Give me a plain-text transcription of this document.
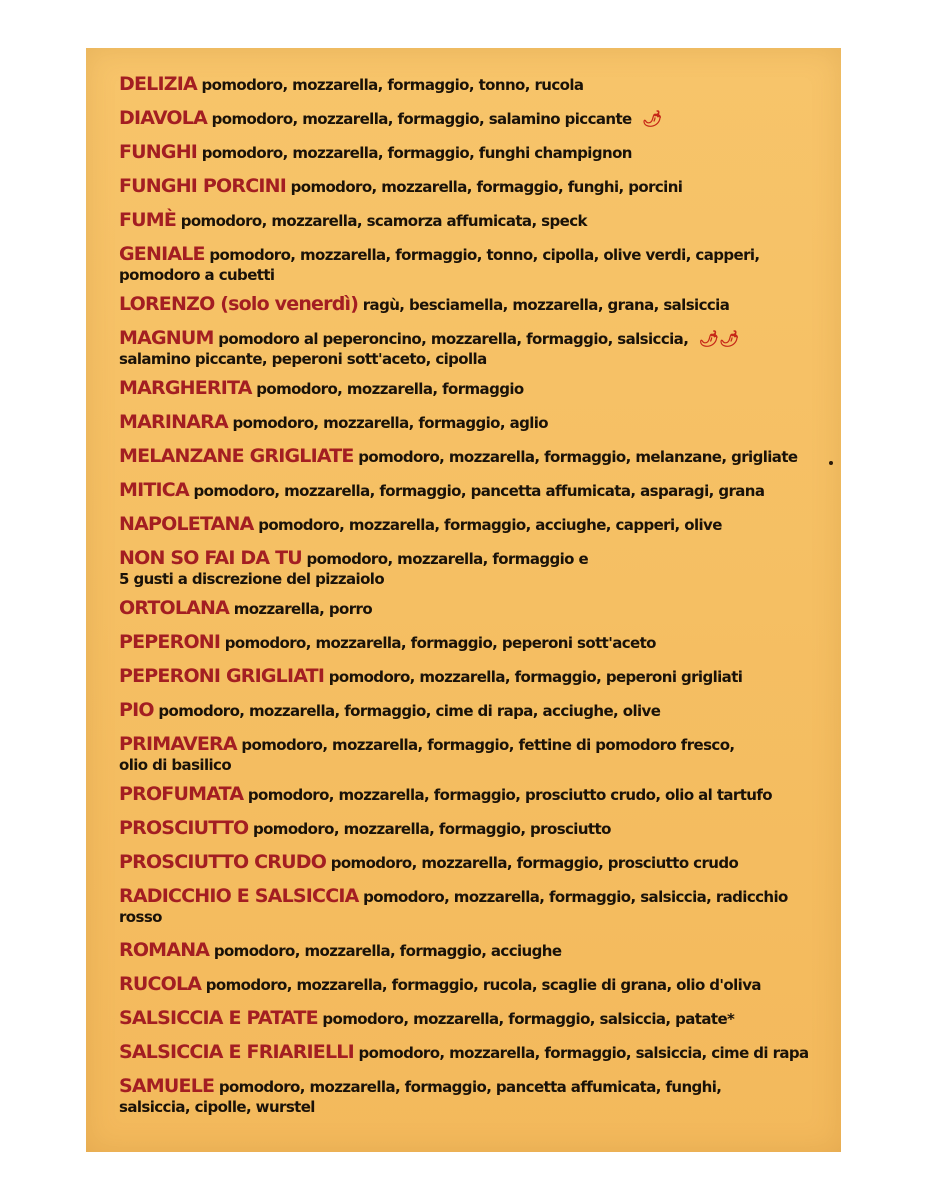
DELIZIA pomodoro, mozzarella, formaggio, tonno, rucola
DIAVOLA pomodoro, mozzarella, formaggio, salamino piccante 🌶
FUNGHI pomodoro, mozzarella, formaggio, funghi champignon
FUNGHI PORCINI pomodoro, mozzarella, formaggio, funghi, porcini
FUMÈ pomodoro, mozzarella, scamorza affumicata, speck
GENIALE pomodoro, mozzarella, formaggio, tonno, cipolla, olive verdi, capperi,
pomodoro a cubetti
LORENZO (solo venerdì) ragù, besciamella, mozzarella, grana, salsiccia
MAGNUM pomodoro al peperoncino, mozzarella, formaggio, salsiccia, 🌶🌶
salamino piccante, peperoni sott'aceto, cipolla
MARGHERITA pomodoro, mozzarella, formaggio
MARINARA pomodoro, mozzarella, formaggio, aglio
MELANZANE GRIGLIATE pomodoro, mozzarella, formaggio, melanzane, grigliate
MITICA pomodoro, mozzarella, formaggio, pancetta affumicata, asparagi, grana
NAPOLETANA pomodoro, mozzarella, formaggio, acciughe, capperi, olive
NON SO FAI DA TU pomodoro, mozzarella, formaggio e
5 gusti a discrezione del pizzaiolo
ORTOLANA mozzarella, porro
PEPERONI pomodoro, mozzarella, formaggio, peperoni sott'aceto
PEPERONI GRIGLIATI pomodoro, mozzarella, formaggio, peperoni grigliati
PIO pomodoro, mozzarella, formaggio, cime di rapa, acciughe, olive
PRIMAVERA pomodoro, mozzarella, formaggio, fettine di pomodoro fresco,
olio di basilico
PROFUMATA pomodoro, mozzarella, formaggio, prosciutto crudo, olio al tartufo
PROSCIUTTO pomodoro, mozzarella, formaggio, prosciutto
PROSCIUTTO CRUDO pomodoro, mozzarella, formaggio, prosciutto crudo
RADICCHIO E SALSICCIA pomodoro, mozzarella, formaggio, salsiccia, radicchio rosso
ROMANA pomodoro, mozzarella, formaggio, acciughe
RUCOLA pomodoro, mozzarella, formaggio, rucola, scaglie di grana, olio d'oliva
SALSICCIA E PATATE pomodoro, mozzarella, formaggio, salsiccia, patate*
SALSICCIA E FRIARIELLI pomodoro, mozzarella, formaggio, salsiccia, cime di rapa
SAMUELE pomodoro, mozzarella, formaggio, pancetta affumicata, funghi,
salsiccia, cipolle, wurstel
